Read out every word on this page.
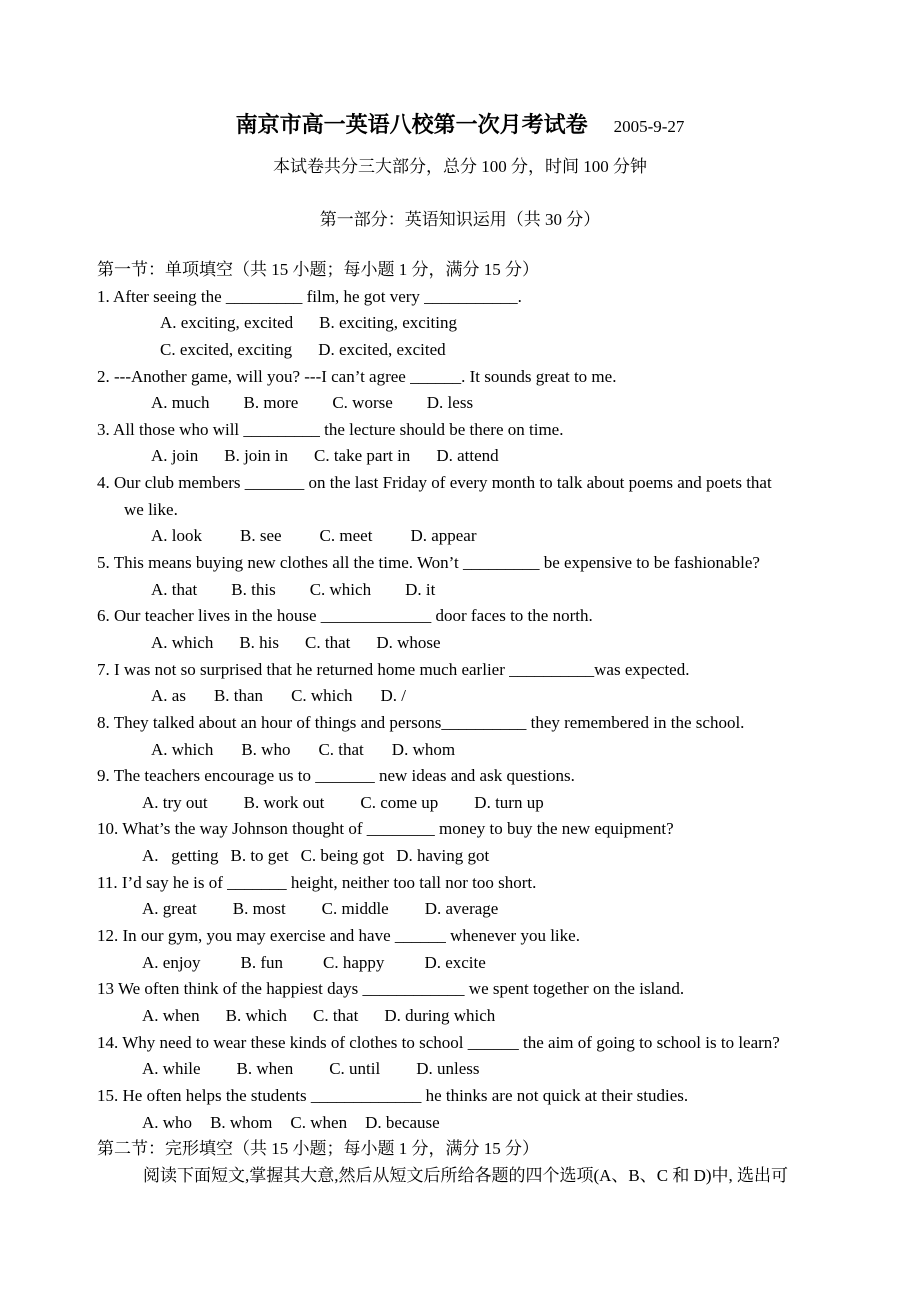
南京市高一英语八校第一次月考试卷 2005-9-27
本试卷共分三大部分，总分 100 分，时间 100 分钟
第一部分：英语知识运用（共 30 分）
第一节：单项填空（共 15 小题；每小题 1 分，满分 15 分）
1. After seeing the _________ film, he got very ___________.
A. exciting, excited B. exciting, exciting
C. excited, exciting D. excited, excited
2. ---Another game, will you? ---I can’t agree ______. It sounds great to me.
A. much B. more C. worse D. less
3. All those who will _________ the lecture should be there on time.
A. join B. join in C. take part in D. attend
4. Our club members _______ on the last Friday of every month to talk about poems and poets that
we like.
A. look B. see C. meet D. appear
5. This means buying new clothes all the time. Won’t _________ be expensive to be fashionable?
A. that B. this C. which D. it
6. Our teacher lives in the house _____________ door faces to the north.
A. which B. his C. that D. whose
7. I was not so surprised that he returned home much earlier __________was expected.
A. as B. than C. which D. /
8. They talked about an hour of things and persons__________ they remembered in the school.
A. which B. who C. that D. whom
9. The teachers encourage us to _______ new ideas and ask questions.
A. try out B. work out C. come up D. turn up
10. What’s the way Johnson thought of ________ money to buy the new equipment?
A.   getting B. to get C. being got D. having got
11. I’d say he is of _______ height, neither too tall nor too short.
A. great B. most C. middle D. average
12. In our gym, you may exercise and have ______ whenever you like.
A. enjoy B. fun C. happy D. excite
13 We often think of the happiest days ____________ we spent together on the island.
A. when B. which C. that D. during which
14. Why need to wear these kinds of clothes to school ______ the aim of going to school is to learn?
A. while B. when C. until D. unless
15. He often helps the students _____________ he thinks are not quick at their studies.
A. who B. whom C. when D. because
第二节：完形填空（共 15 小题；每小题 1 分，满分 15 分）
阅读下面短文,掌握其大意,然后从短文后所给各题的四个选项(A、B、C 和 D)中, 选出可
